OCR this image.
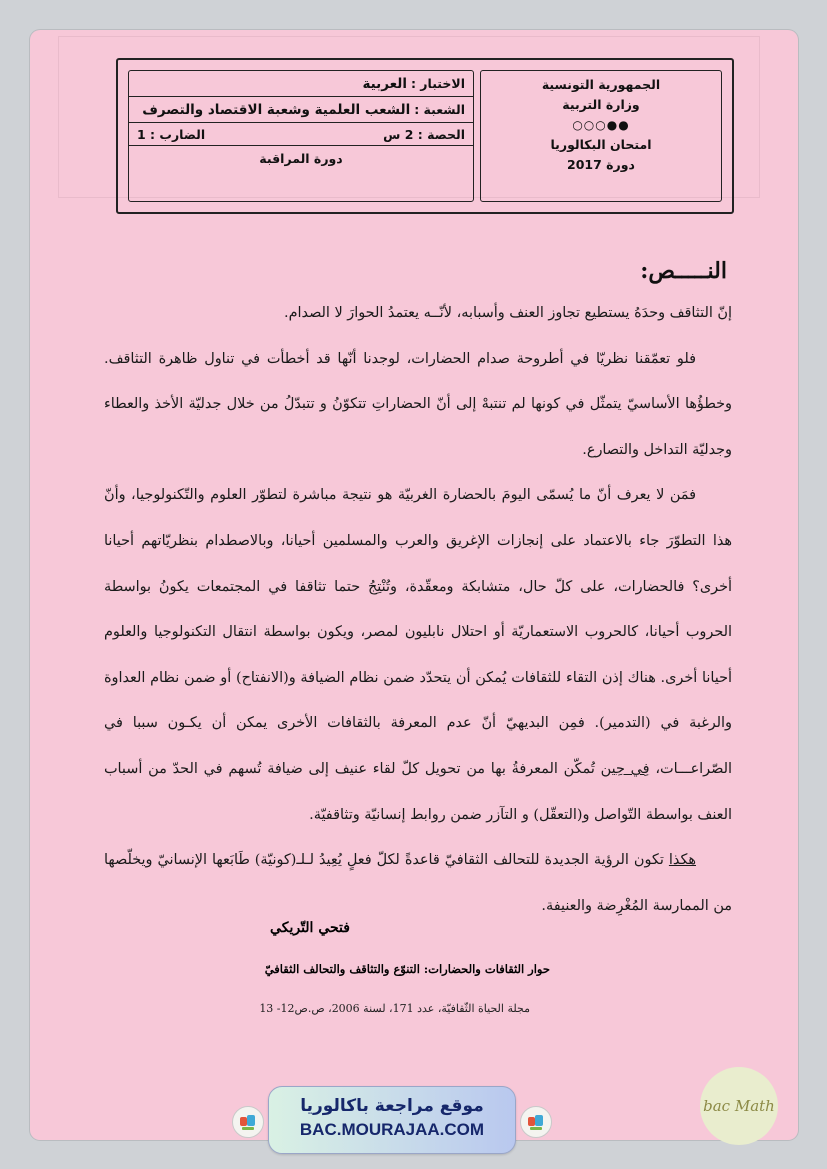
الاختبار : العربية
الشعبة : الشعب العلمية وشعبة الاقتصاد والتصرف
الحصة : 2 س
الضارب : 1
دورة المراقبة
الجمهورية التونسية
وزارة التربية
●●○○○
امتحان البكالوريا
دورة 2017
النـــــص:

إنّ التثاقف وحدَهُ يستطيع تجاوز العنف وأسبابه، لأنّــه يعتمدُ الحوارَ لا الصدام.

فلو تعمّقنا نظريّا في أطروحة صدام الحضارات، لوجدنا أنّها قد أخطأت في تناول ظاهرة التثاقف. وخطؤُها الأساسيّ يتمثّل في كونها لم تنتبهْ إلى أنّ الحضاراتِ تتكوّنُ و تتبدّلُ من خلال جدليّة الأخذ والعطاء وجدليّة التداخل والتصارع.

فمَن لا يعرف أنّ ما يُسمّى اليومَ بالحضارة الغربيّة هو نتيجة مباشرة لتطوّر العلوم والتّكنولوجيا، وأنّ هذا التطوّرَ جاء بالاعتماد على إنجازات الإغريق والعرب والمسلمين أحيانا، وبالاصطدام بنظريّاتهم أحيانا أخرى؟ فالحضارات، على كلّ حال، متشابكة ومعقّدة، وتُنْتِجُ حتما تثاقفا في المجتمعات يكونُ بواسطة الحروب أحيانا، كالحروب الاستعماريّة أو احتلال نابليون لمصر، ويكون بواسطة انتقال التكنولوجيا والعلوم أحيانا أخرى. هناك إذن التقاء للثقافات يُمكن أن يتحدّد ضمن نظام الضيافة و(الانفتاح) أو ضمن نظام العداوة والرغبة في (التدمير). فمِن البديهيّ أنّ عدم المعرفة بالثقافات الأخرى يمكن أن يكـون سببا في الصّراعـــات، فِي حِين تُمكّن المعرفةُ بها من تحويل كلّ لقاء عنيف إلى ضيافة تُسهم في الحدّ من أسباب العنف بواسطة التّواصل و(التعقّل) و التآزر ضمن روابط إنسانيّة وتثاقفيّة.

هكذا تكون الرؤية الجديدة للتحالف الثقافيّ قاعدةً لكلّ فعلٍ يُعِيدُ لـلـ(كونيّة) طَابَعها الإنسانيّ ويخلّصها من الممارسة المُغْرِضة والعنيفة.

فتحي التّريكي
حوار الثقافات والحضارات: التنوّع والتثاقف والتحالف الثقافيّ
مجلة الحياة الثّقافيّة، عدد 171، لسنة 2006، ص.ص12- 13
موقع مراجعة باكالوريا
BAC.MOURAJAA.COM
bac Math
